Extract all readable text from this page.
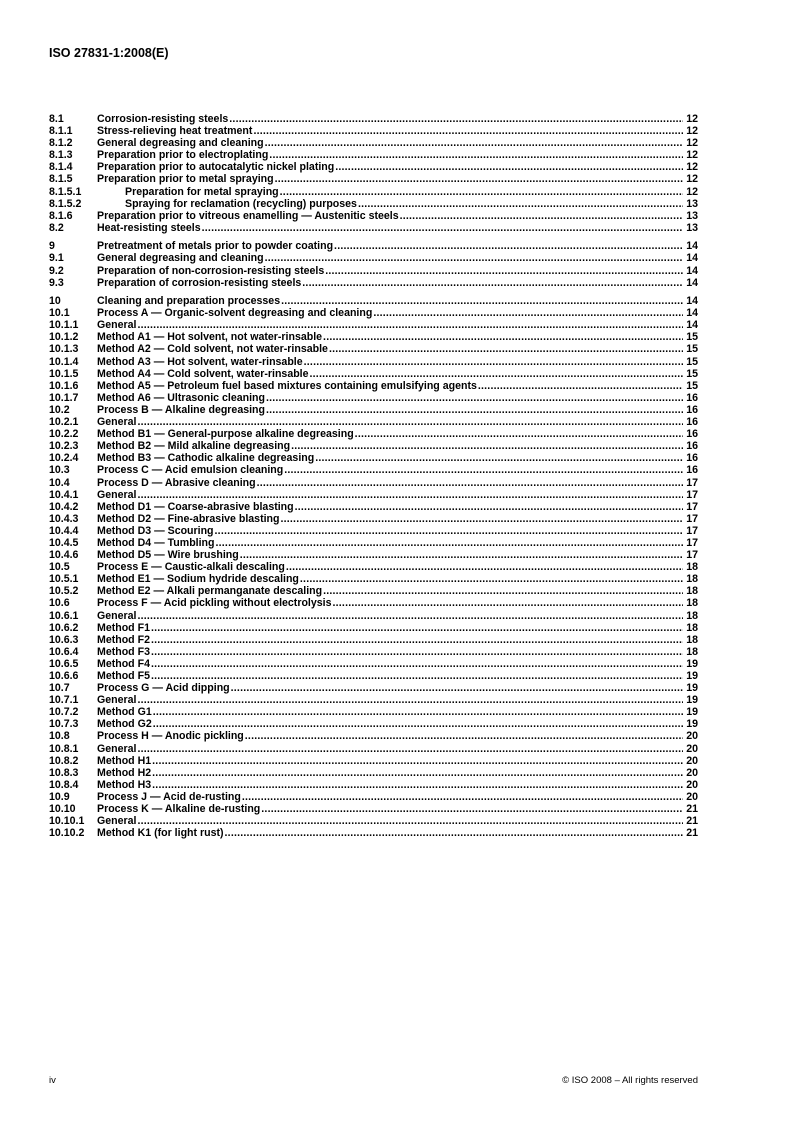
ISO 27831-1:2008(E)
8.1	Corrosion-resisting steels .....	12
8.1.1	Stress-relieving heat treatment .....	12
8.1.2	General degreasing and cleaning .....	12
8.1.3	Preparation prior to electroplating .....	12
8.1.4	Preparation prior to autocatalytic nickel plating .....	12
8.1.5	Preparation prior to metal spraying .....	12
8.1.5.1	Preparation for metal spraying .....	12
8.1.5.2	Spraying for reclamation (recycling) purposes .....	13
8.1.6	Preparation prior to vitreous enamelling — Austenitic steels .....	13
8.2	Heat-resisting steels .....	13
9	Pretreatment of metals prior to powder coating .....	14
9.1	General degreasing and cleaning .....	14
9.2	Preparation of non-corrosion-resisting steels .....	14
9.3	Preparation of corrosion-resisting steels .....	14
10	Cleaning and preparation processes .....	14
10.1	Process A — Organic-solvent degreasing and cleaning .....	14
10.1.1	General .....	14
10.1.2	Method A1 — Hot solvent, not water-rinsable .....	15
10.1.3	Method A2 — Cold solvent, not water-rinsable .....	15
10.1.4	Method A3 — Hot solvent, water-rinsable .....	15
10.1.5	Method A4 — Cold solvent, water-rinsable .....	15
10.1.6	Method A5 — Petroleum fuel based mixtures containing emulsifying agents .....	15
10.1.7	Method A6 — Ultrasonic cleaning .....	16
10.2	Process B — Alkaline degreasing .....	16
10.2.1	General .....	16
10.2.2	Method B1 — General-purpose alkaline degreasing .....	16
10.2.3	Method B2 — Mild alkaline degreasing .....	16
10.2.4	Method B3 — Cathodic alkaline degreasing .....	16
10.3	Process C — Acid emulsion cleaning .....	16
10.4	Process D — Abrasive cleaning .....	17
10.4.1	General .....	17
10.4.2	Method D1 — Coarse-abrasive blasting .....	17
10.4.3	Method D2 — Fine-abrasive blasting .....	17
10.4.4	Method D3 — Scouring .....	17
10.4.5	Method D4 — Tumbling .....	17
10.4.6	Method D5 — Wire brushing .....	17
10.5	Process E — Caustic-alkali descaling .....	18
10.5.1	Method E1 — Sodium hydride descaling .....	18
10.5.2	Method E2 — Alkali permanganate descaling .....	18
10.6	Process F — Acid pickling without electrolysis .....	18
10.6.1	General .....	18
10.6.2	Method F1 .....	18
10.6.3	Method F2 .....	18
10.6.4	Method F3 .....	18
10.6.5	Method F4 .....	19
10.6.6	Method F5 .....	19
10.7	Process G — Acid dipping .....	19
10.7.1	General .....	19
10.7.2	Method G1 .....	19
10.7.3	Method G2 .....	19
10.8	Process H — Anodic pickling .....	20
10.8.1	General .....	20
10.8.2	Method H1 .....	20
10.8.3	Method H2 .....	20
10.8.4	Method H3 .....	20
10.9	Process J — Acid de-rusting .....	20
10.10	Process K — Alkaline de-rusting .....	21
10.10.1	General .....	21
10.10.2	Method K1 (for light rust) .....	21
iv	© ISO 2008 – All rights reserved
